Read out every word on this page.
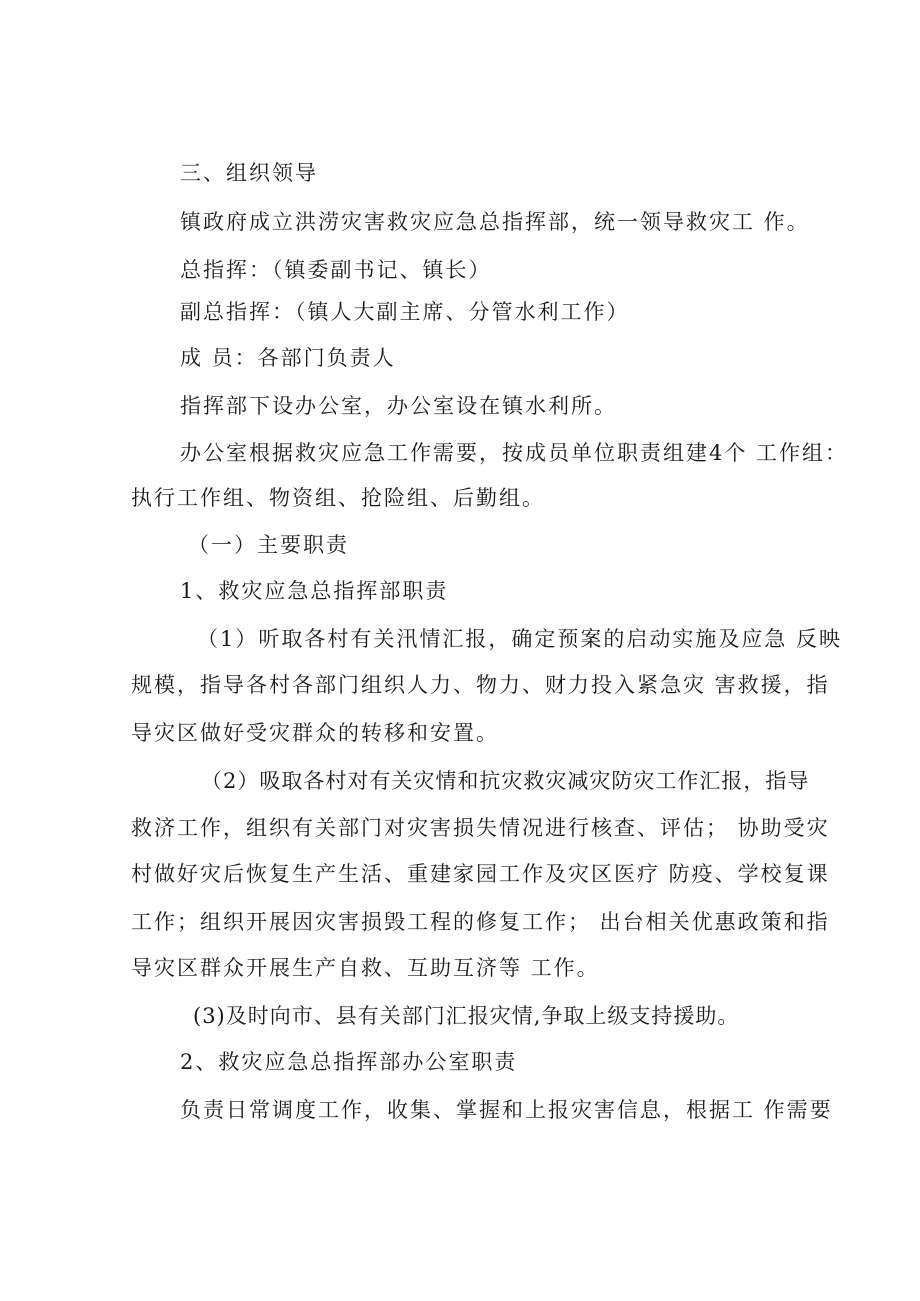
三、组织领导
镇政府成立洪涝灾害救灾应急总指挥部，统一领导救灾工 作。
总指挥：（镇委副书记、镇长）
副总指挥：（镇人大副主席、分管水利工作）
成 员：各部门负责人
指挥部下设办公室，办公室设在镇水利所。
办公室根据救灾应急工作需要，按成员单位职责组建4个 工作组：
执行工作组、物资组、抢险组、后勤组。
（一）主要职责
1、救灾应急总指挥部职责
（1）听取各村有关汛情汇报，确定预案的启动实施及应急 反映
规模，指导各村各部门组织人力、物力、财力投入紧急灾 害救援，指
导灾区做好受灾群众的转移和安置。
（2）吸取各村对有关灾情和抗灾救灾减灾防灾工作汇报，指导
救济工作，组织有关部门对灾害损失情况进行核查、评估； 协助受灾
村做好灾后恢复生产生活、重建家园工作及灾区医疗 防疫、学校复课
工作；组织开展因灾害损毁工程的修复工作； 出台相关优惠政策和指
导灾区群众开展生产自救、互助互济等 工作。
(3)及时向市、县有关部门汇报灾情,争取上级支持援助。
2、救灾应急总指挥部办公室职责
负责日常调度工作，收集、掌握和上报灾害信息，根据工 作需要
